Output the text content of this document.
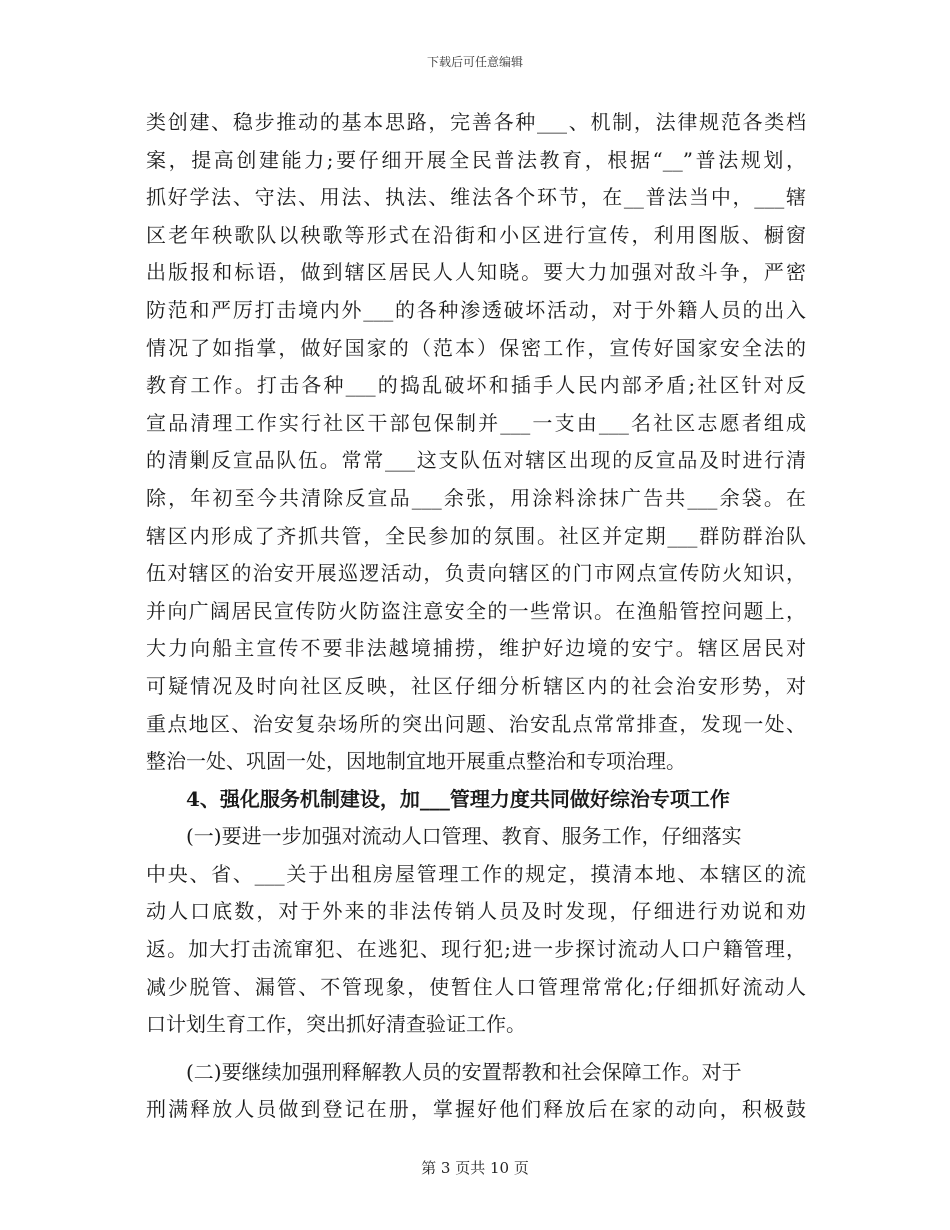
下载后可任意编辑
类创建、稳步推动的基本思路，完善各种___、机制，法律规范各类档
案，提高创建能力;要仔细开展全民普法教育，根据“__”普法规划，
抓好学法、守法、用法、执法、维法各个环节，在__普法当中，___辖
区老年秧歌队以秧歌等形式在沿街和小区进行宣传，利用图版、橱窗
出版报和标语，做到辖区居民人人知晓。要大力加强对敌斗争，严密
防范和严厉打击境内外___的各种渗透破坏活动，对于外籍人员的出入
情况了如指掌，做好国家的（范本）保密工作，宣传好国家安全法的
教育工作。打击各种___的捣乱破坏和插手人民内部矛盾;社区针对反
宣品清理工作实行社区干部包保制并___一支由___名社区志愿者组成
的清剿反宣品队伍。常常___这支队伍对辖区出现的反宣品及时进行清
除，年初至今共清除反宣品___余张，用涂料涂抹广告共___余袋。在
辖区内形成了齐抓共管，全民参加的氛围。社区并定期___群防群治队
伍对辖区的治安开展巡逻活动，负责向辖区的门市网点宣传防火知识，
并向广阔居民宣传防火防盗注意安全的一些常识。在渔船管控问题上，
大力向船主宣传不要非法越境捕捞，维护好边境的安宁。辖区居民对
可疑情况及时向社区反映，社区仔细分析辖区内的社会治安形势，对
重点地区、治安复杂场所的突出问题、治安乱点常常排查，发现一处、
整治一处、巩固一处，因地制宜地开展重点整治和专项治理。
4、强化服务机制建设，加___管理力度共同做好综治专项工作
(一)要进一步加强对流动人口管理、教育、服务工作，仔细落实
中央、省、___关于出租房屋管理工作的规定，摸清本地、本辖区的流
动人口底数，对于外来的非法传销人员及时发现，仔细进行劝说和劝
返。加大打击流窜犯、在逃犯、现行犯;进一步探讨流动人口户籍管理，
减少脱管、漏管、不管现象，使暂住人口管理常常化;仔细抓好流动人
口计划生育工作，突出抓好清查验证工作。
(二)要继续加强刑释解教人员的安置帮教和社会保障工作。对于
刑满释放人员做到登记在册，掌握好他们释放后在家的动向，积极鼓
第 3 页共 10 页
